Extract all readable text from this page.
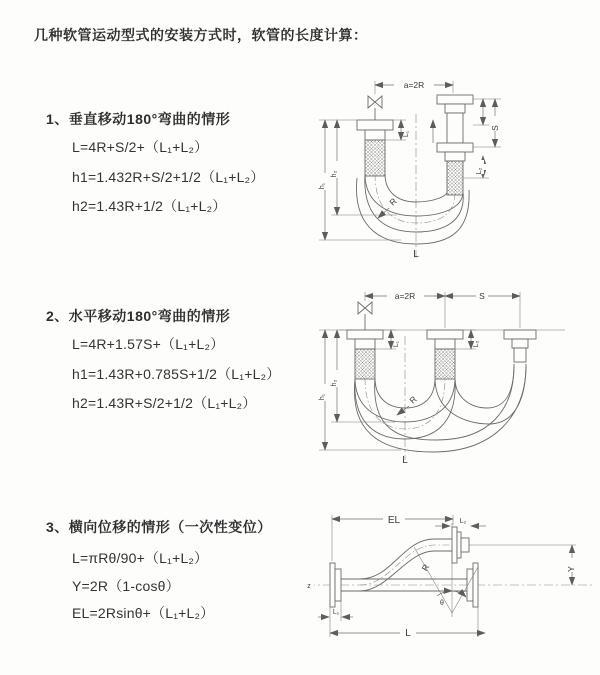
几种软管运动型式的安装方式时，软管的长度计算：
1、垂直移动180°弯曲的情形
L=4R+S/2+（L₁+L₂）
h1=1.432R+S/2+1/2（L₁+L₂）
h2=1.43R+1/2（L₁+L₂）
2、水平移动180°弯曲的情形
L=4R+1.57S+（L₁+L₂）
h1=1.43R+0.785S+1/2（L₁+L₂）
h2=1.43R+S/2+1/2（L₁+L₂）
3、横向位移的情形（一次性变位）
L=πRθ/90+（L₁+L₂）
Y=2R（1-cosθ）
EL=2Rsinθ+（L₁+L₂）
a=2R
S
L₂
h₁
h₂
L₁
R
L
a=2R	S
h₁
h₂
L₁	L₂
R
L
z
θ
R
EL	L₂
Y
L
L₁
